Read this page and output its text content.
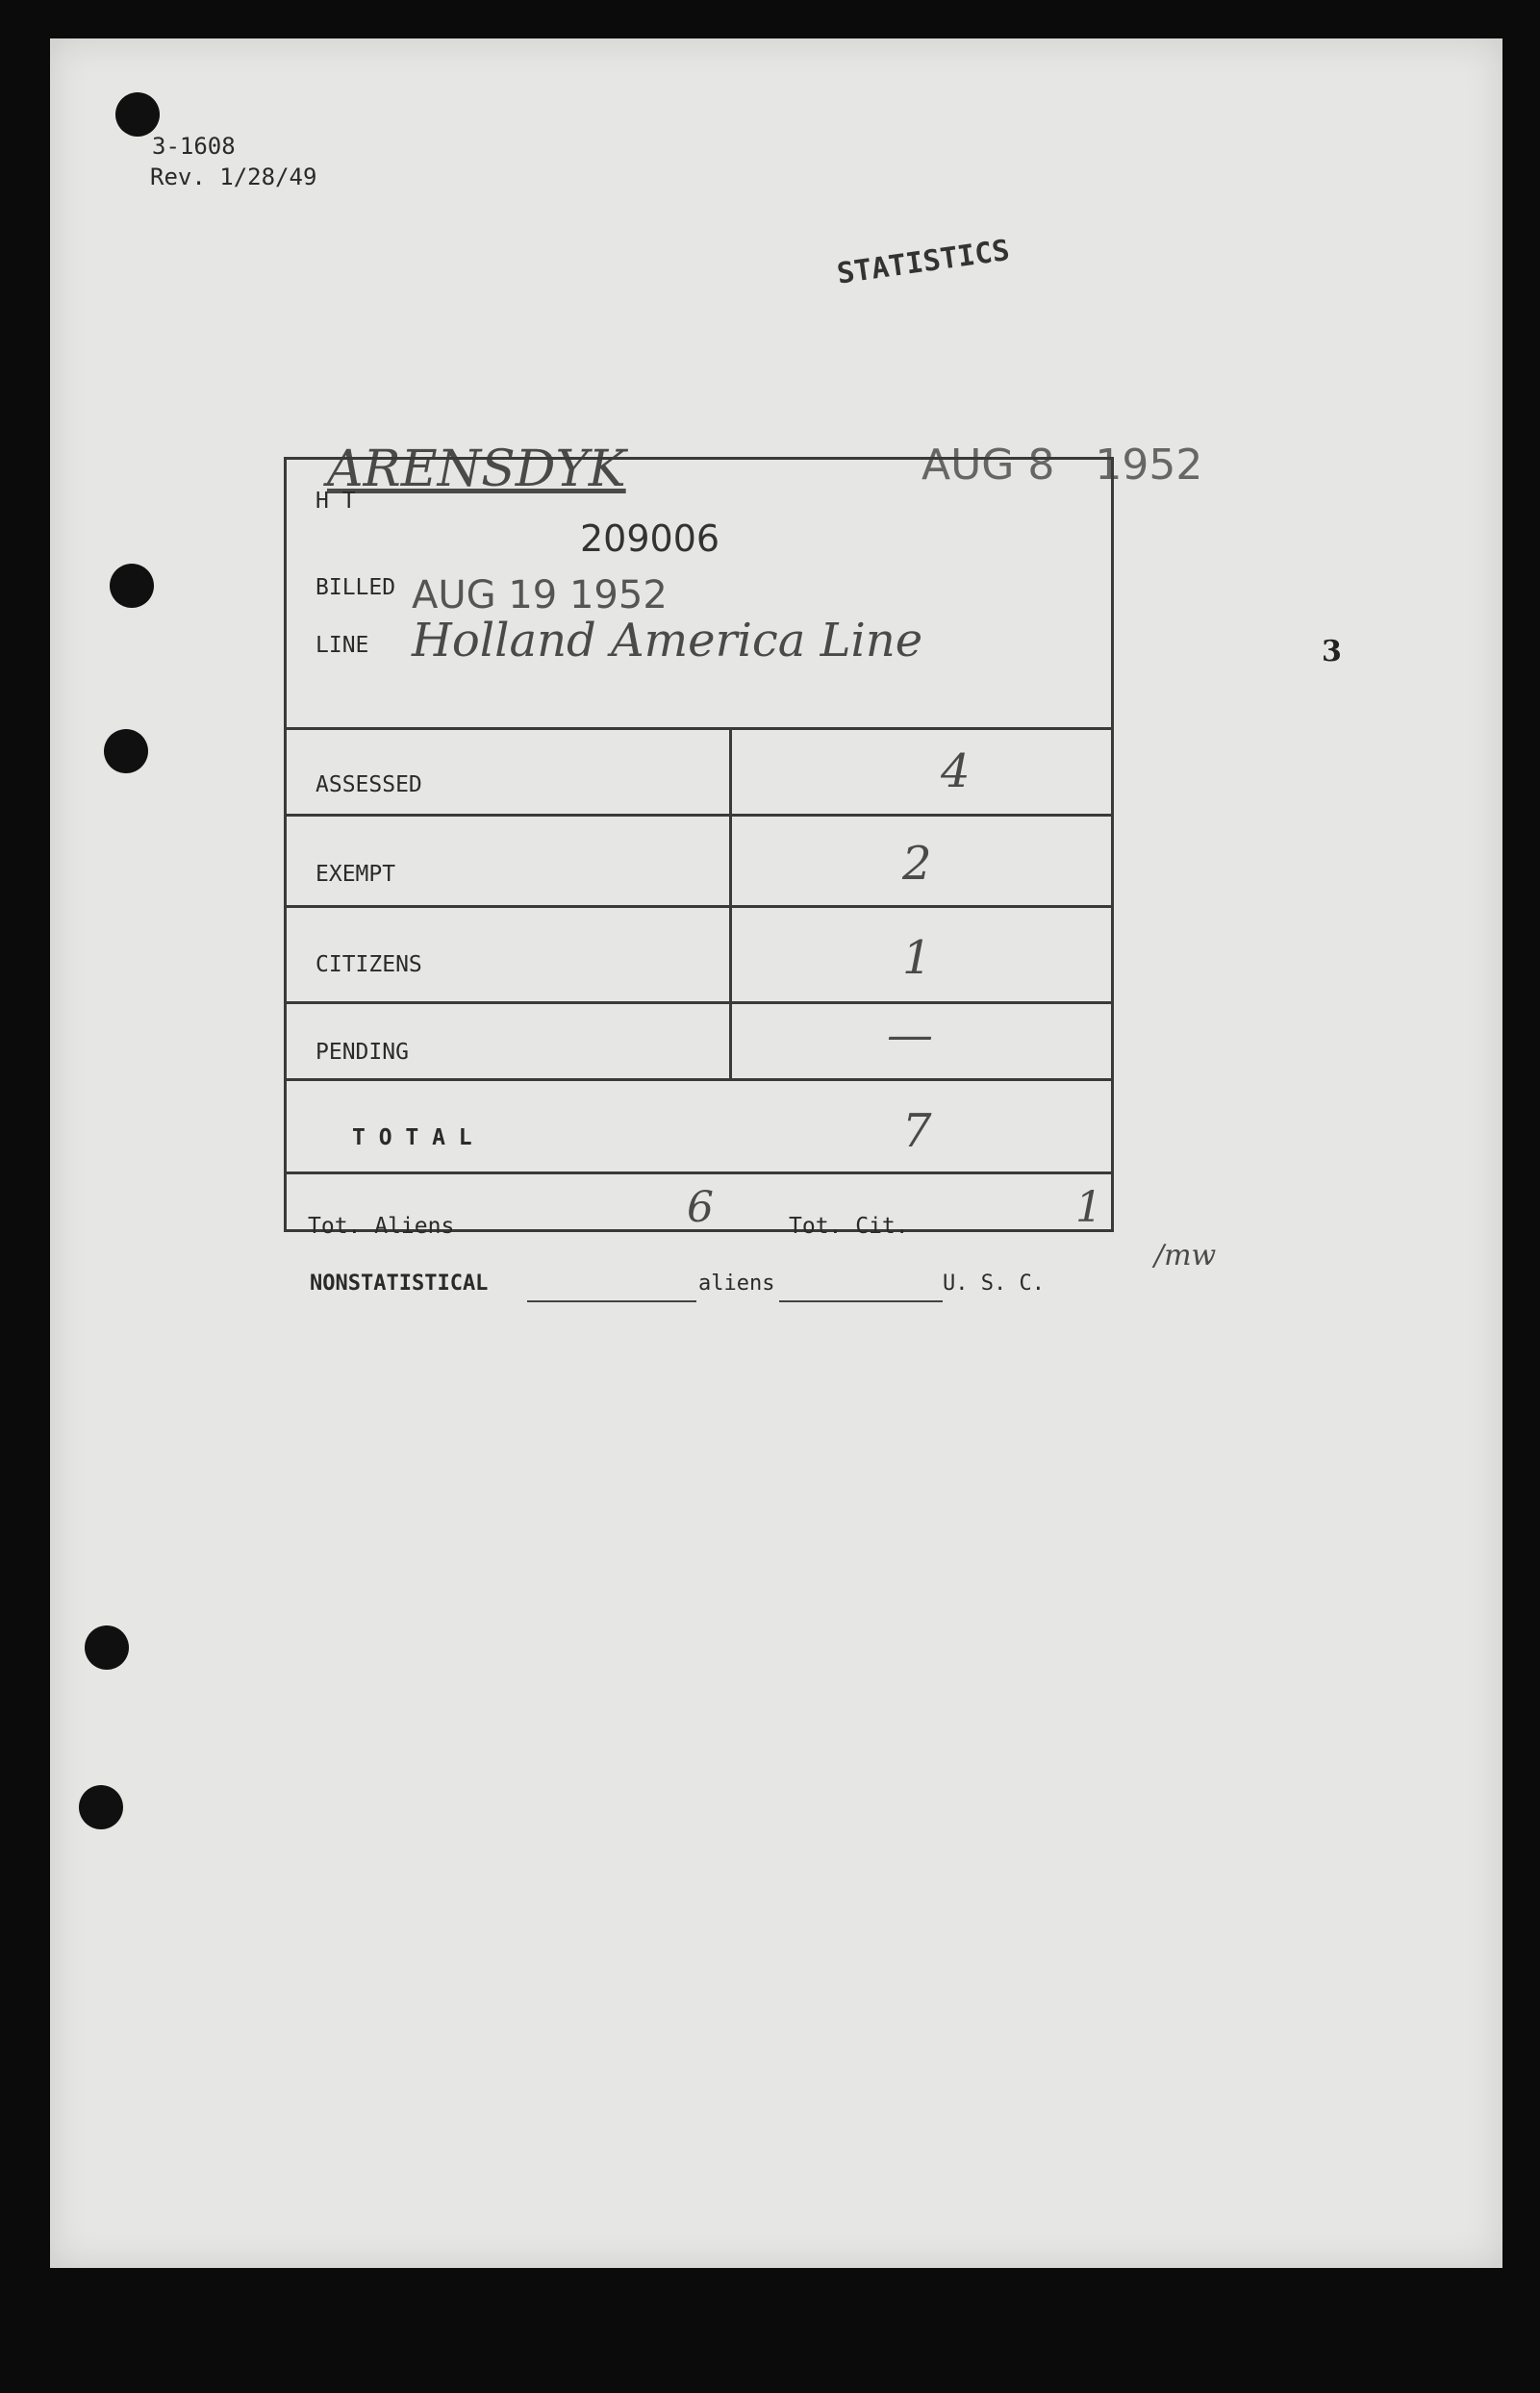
3-1608
Rev. 1/28/49
STATISTICS
ARENSDYK	AUG 8   1952
3
H T
209006
BILLED AUG 19 1952
LINE Holland America Line
ASSESSED	4
EXEMPT	2
CITIZENS	1
PENDING	—
T O T A L	7
Tot. Aliens	6	Tot. Cit.	1
/mw
NONSTATISTICAL	aliens	U. S. C.
